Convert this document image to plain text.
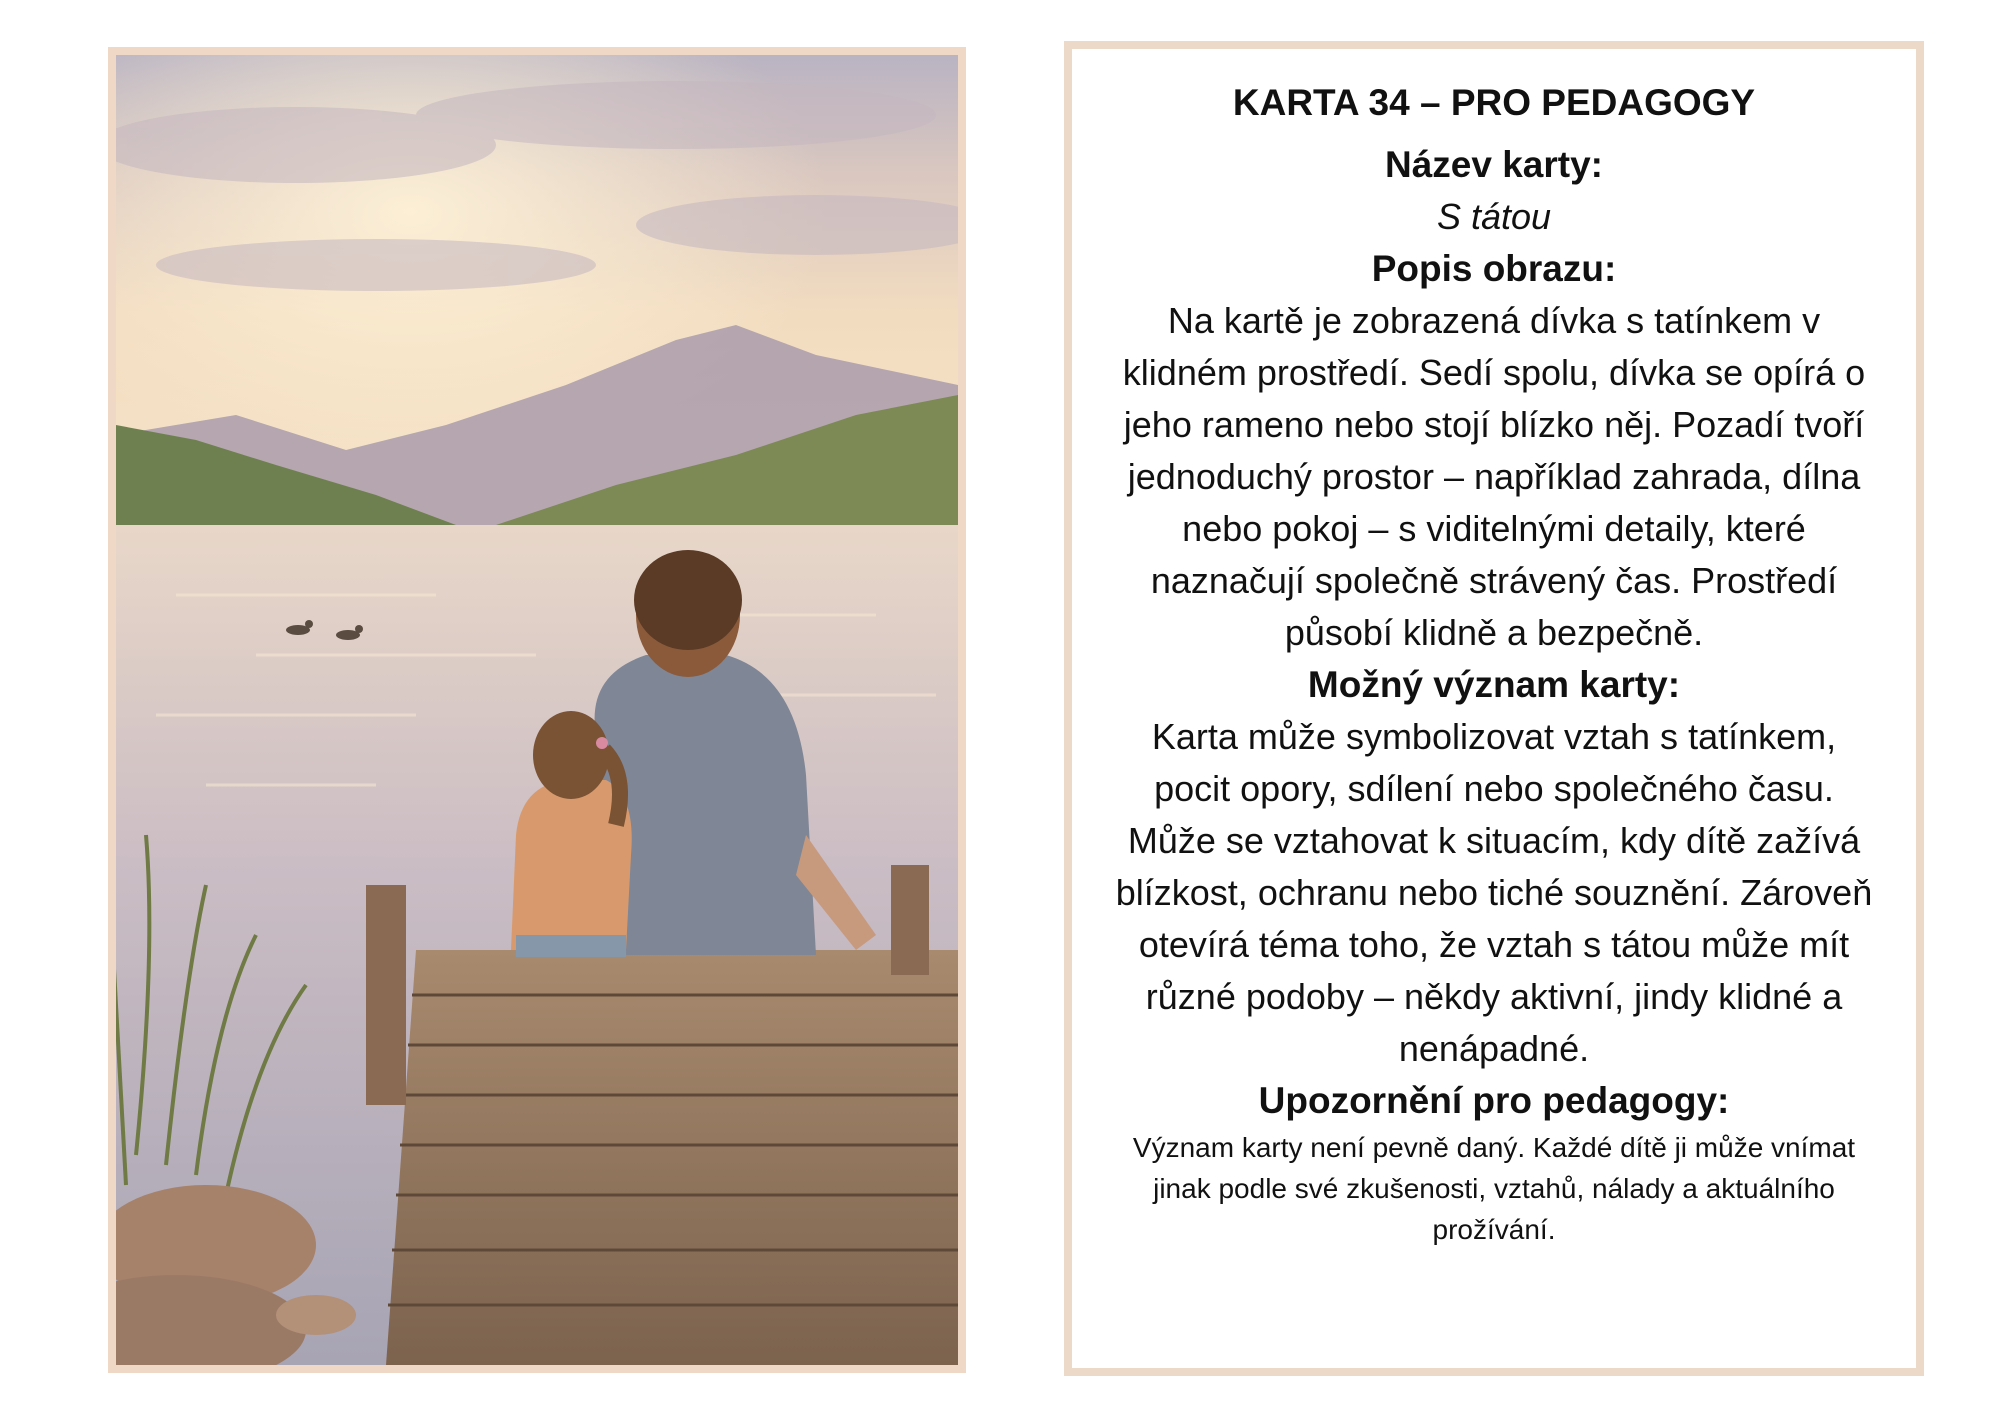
KARTA 34 – PRO PEDAGOGY

Název karty:

S tátou

Popis obrazu:

Na kartě je zobrazená dívka s tatínkem v klidném prostředí. Sedí spolu, dívka se opírá o jeho rameno nebo stojí blízko něj. Pozadí tvoří jednoduchý prostor – například zahrada, dílna nebo pokoj – s viditelnými detaily, které naznačují společně strávený čas. Prostředí působí klidně a bezpečně.

Možný význam karty:

Karta může symbolizovat vztah s tatínkem, pocit opory, sdílení nebo společného času. Může se vztahovat k situacím, kdy dítě zažívá blízkost, ochranu nebo tiché souznění. Zároveň otevírá téma toho, že vztah s tátou může mít různé podoby – někdy aktivní, jindy klidné a nenápadné.

Upozornění pro pedagogy:

Význam karty není pevně daný. Každé dítě ji může vnímat jinak podle své zkušenosti, vztahů, nálady a aktuálního prožívání.
